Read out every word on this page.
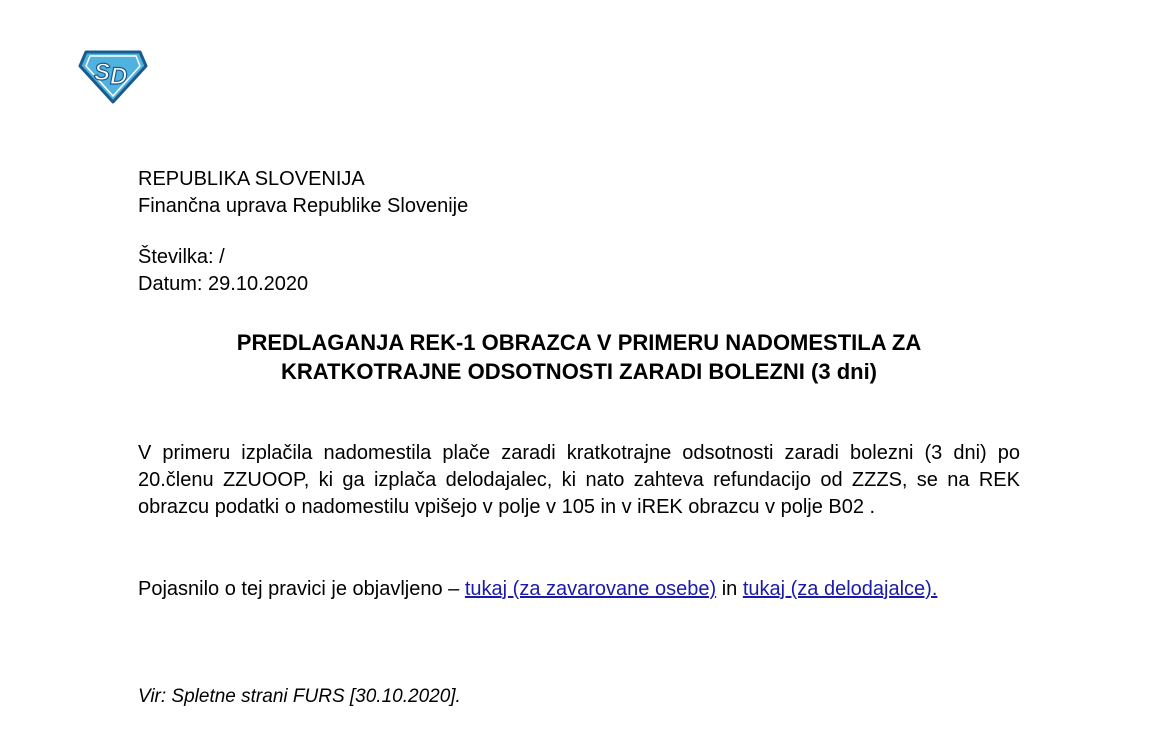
S D
REPUBLIKA SLOVENIJA
Finančna uprava Republike Slovenije
Številka: /
Datum: 29.10.2020
PREDLAGANJA REK-1 OBRAZCA V PRIMERU NADOMESTILA ZA
KRATKOTRAJNE ODSOTNOSTI ZARADI BOLEZNI (3 dni)
V primeru izplačila nadomestila plače zaradi kratkotrajne odsotnosti zaradi bolezni (3 dni) po 20.členu ZZUOOP, ki ga izplača delodajalec, ki nato zahteva refundacijo od ZZZS, se na REK obrazcu podatki o nadomestilu vpišejo v polje v 105 in v iREK obrazcu v polje B02 .
Pojasnilo o tej pravici je objavljeno – tukaj (za zavarovane osebe) in tukaj (za delodajalce).
Vir: Spletne strani FURS [30.10.2020].
